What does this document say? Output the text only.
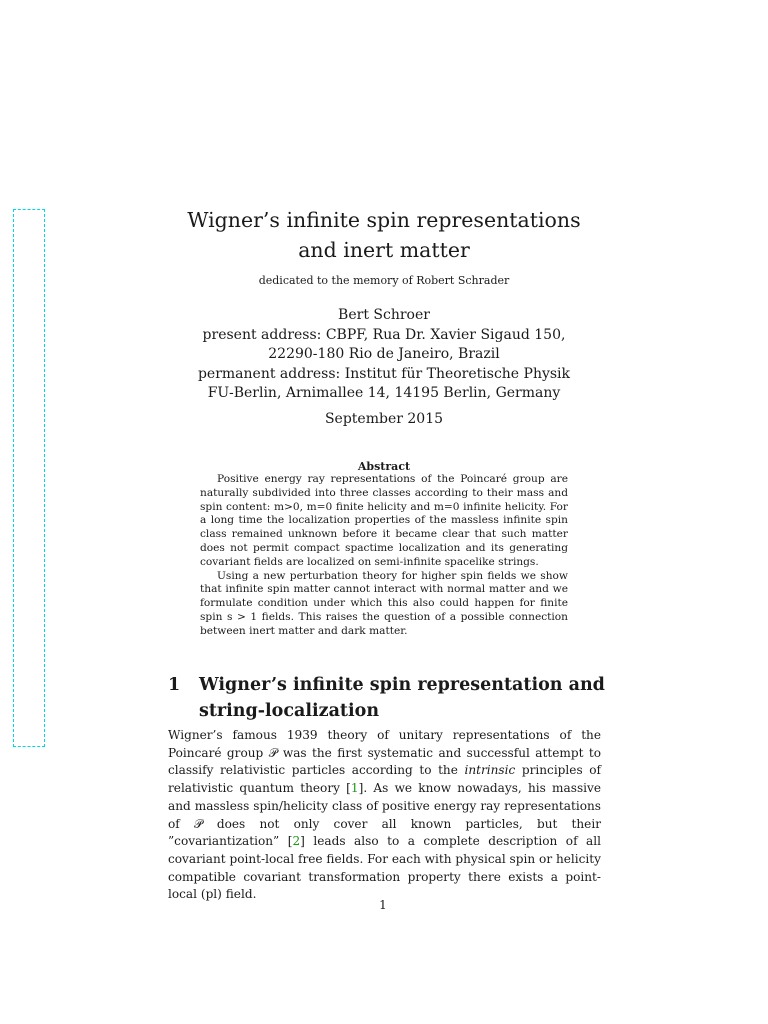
Wigner’s infinite spin representations and inert matter
dedicated to the memory of Robert Schrader
Bert Schroer
present address: CBPF, Rua Dr. Xavier Sigaud 150,
22290-180 Rio de Janeiro, Brazil
permanent address: Institut für Theoretische Physik
FU-Berlin, Arnimallee 14, 14195 Berlin, Germany
September 2015
Abstract

Positive energy ray representations of the Poincaré group are naturally subdivided into three classes according to their mass and spin content: m>0, m=0 finite helicity and m=0 infinite helicity. For a long time the localization properties of the massless infinite spin class remained unknown before it became clear that such matter does not permit compact spactime localization and its generating covariant fields are localized on semi-infinite spacelike strings.

Using a new perturbation theory for higher spin fields we show that infinite spin matter cannot interact with normal matter and we formulate condition under which this also could happen for finite spin s > 1 fields. This raises the question of a possible connection between inert matter and dark matter.

1 Wigner’s infinite spin representation and string-localization

Wigner’s famous 1939 theory of unitary representations of the Poincaré group 𝒫 was the first systematic and successful attempt to classify relativistic particles according to the intrinsic principles of relativistic quantum theory [1]. As we know nowadays, his massive and massless spin/helicity class of positive energy ray representations of 𝒫 does not only cover all known particles, but their ”covariantization” [2] leads also to a complete description of all covariant point-local free fields. For each with physical spin or helicity compatible covariant transformation property there exists a point-local (pl) field.

1
